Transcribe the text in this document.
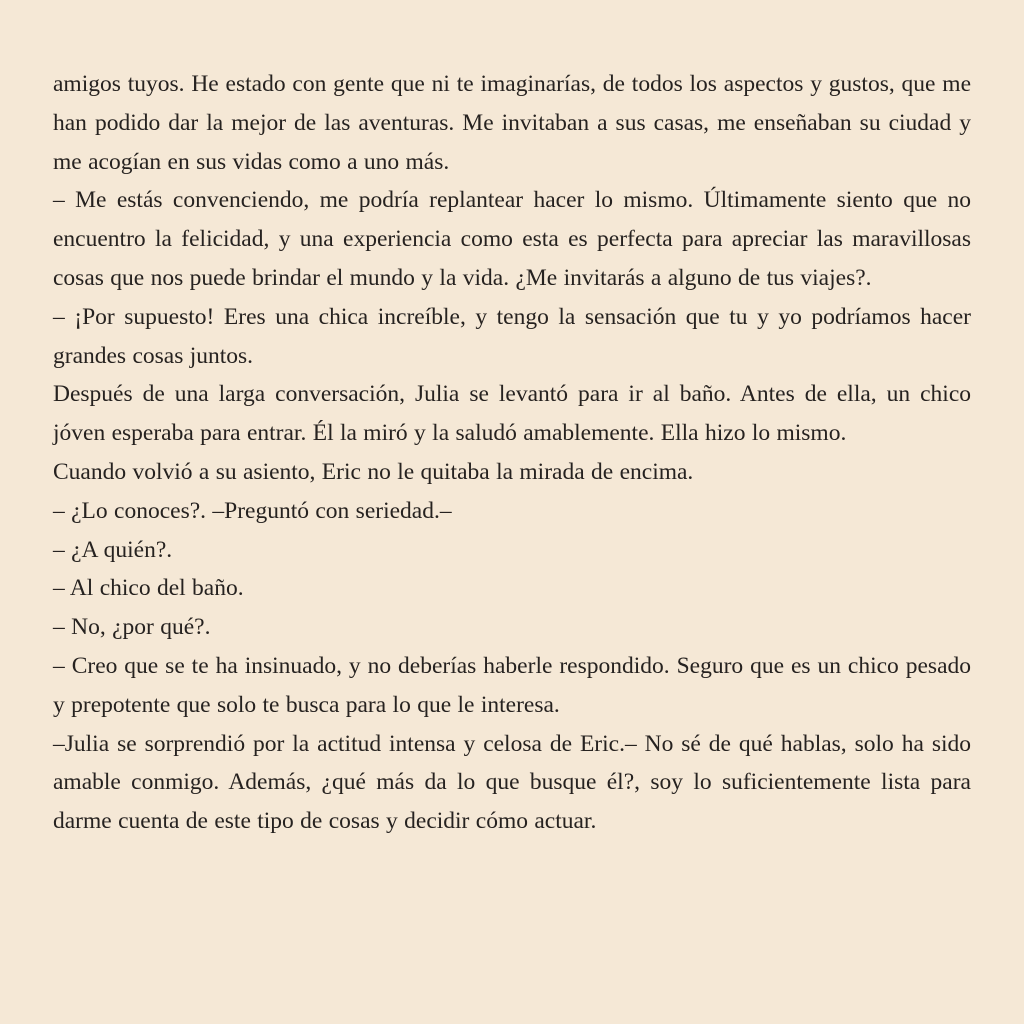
amigos tuyos. He estado con gente que ni te imaginarías, de todos los aspectos y gustos, que me han podido dar la mejor de las aventuras. Me invitaban a sus casas, me enseñaban su ciudad y me acogían en sus vidas como a uno más.

– Me estás convenciendo, me podría replantear hacer lo mismo. Últimamente siento que no encuentro la felicidad, y una experiencia como esta es perfecta para apreciar las maravillosas cosas que nos puede brindar el mundo y la vida. ¿Me invitarás a alguno de tus viajes?.

– ¡Por supuesto! Eres una chica increíble, y tengo la sensación que tu y yo podríamos hacer grandes cosas juntos.

Después de una larga conversación, Julia se levantó para ir al baño. Antes de ella, un chico jóven esperaba para entrar. Él la miró y la saludó amablemente. Ella hizo lo mismo.

Cuando volvió a su asiento, Eric no le quitaba la mirada de encima.

– ¿Lo conoces?. –Preguntó con seriedad.–

– ¿A quién?.

– Al chico del baño.

– No, ¿por qué?.

– Creo que se te ha insinuado, y no deberías haberle respondido. Seguro que es un chico pesado y prepotente que solo te busca para lo que le interesa.

–Julia se sorprendió por la actitud intensa y celosa de Eric.– No sé de qué hablas, solo ha sido amable conmigo. Además, ¿qué más da lo que busque él?, soy lo suficientemente lista para darme cuenta de este tipo de cosas y decidir cómo actuar.
